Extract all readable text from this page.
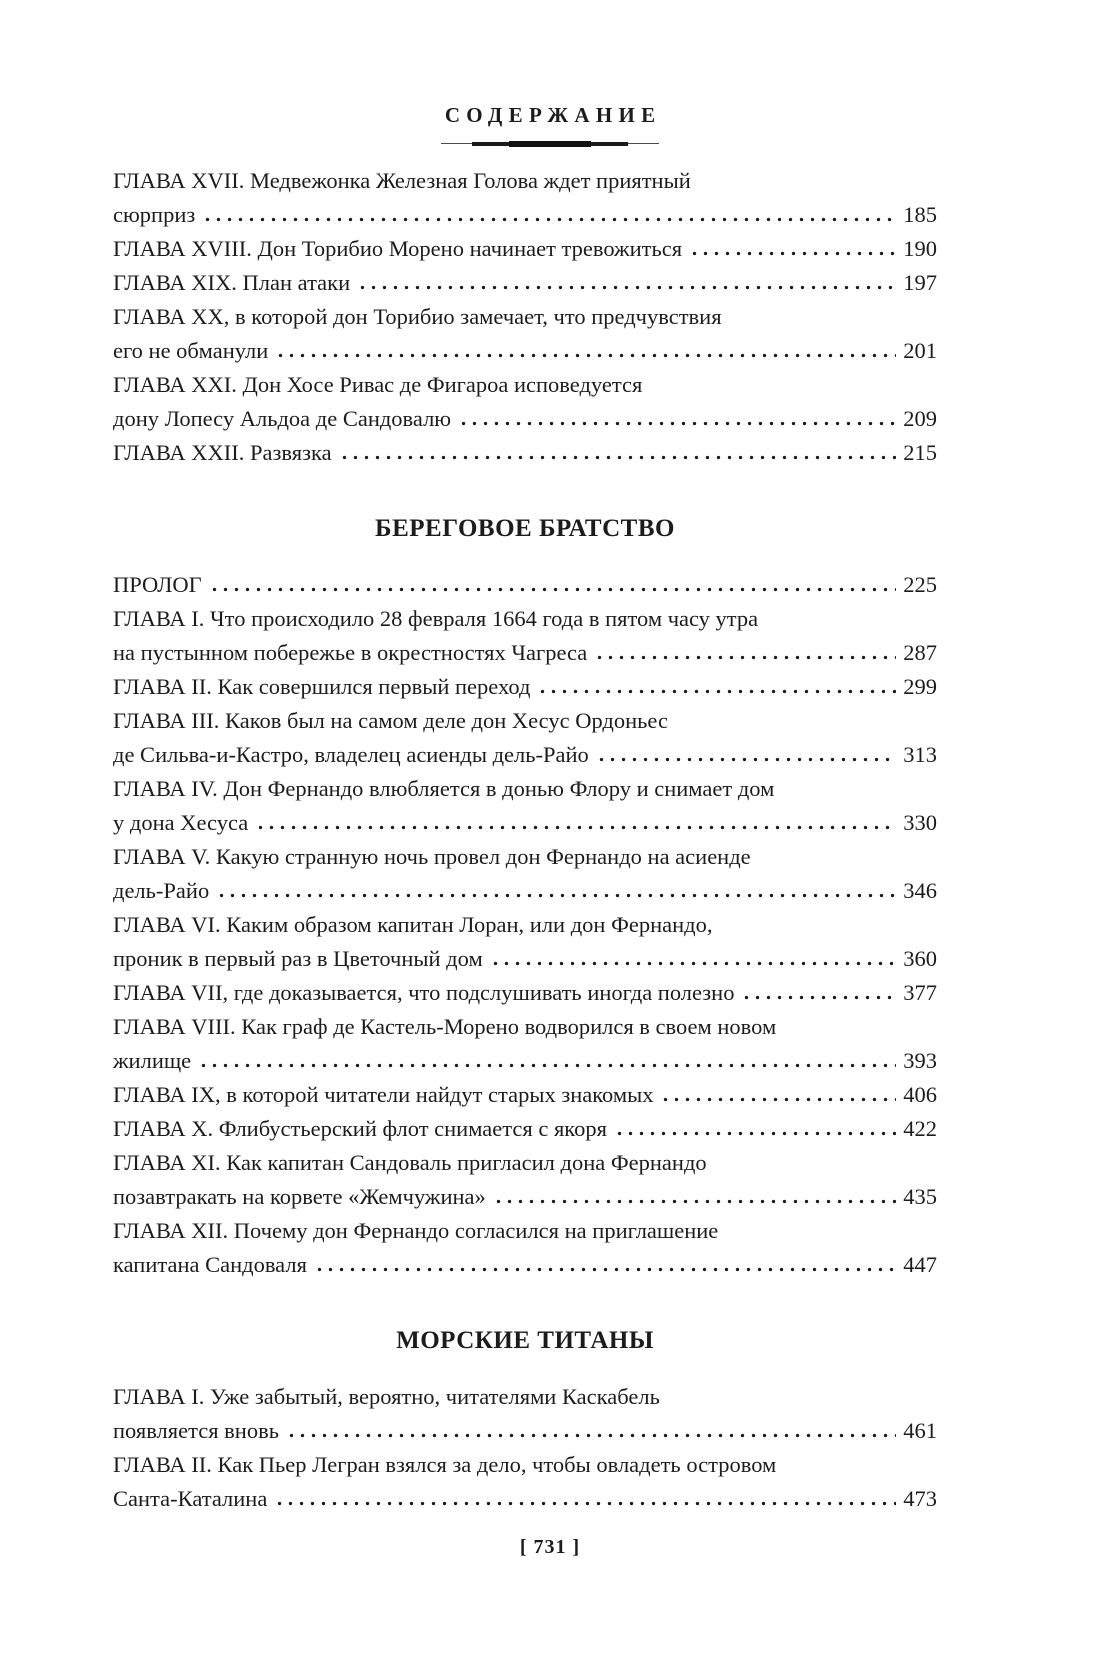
СОДЕРЖАНИЕ
ГЛАВА XVII. Медвежонка Железная Голова ждет приятный
сюрприз	185
ГЛАВА XVIII. Дон Торибио Морено начинает тревожиться	190
ГЛАВА XIX. План атаки	197
ГЛАВА XX, в которой дон Торибио замечает, что предчувствия
его не обманули	201
ГЛАВА XXI. Дон Хосе Ривас де Фигароа исповедуется
дону Лопесу Альдоа де Сандовалю	209
ГЛАВА XXII. Развязка	215
БЕРЕГОВОЕ БРАТСТВО
ПРОЛОГ	225
ГЛАВА I. Что происходило 28 февраля 1664 года в пятом часу утра
на пустынном побережье в окрестностях Чагреса	287
ГЛАВА II. Как совершился первый переход	299
ГЛАВА III. Каков был на самом деле дон Хесус Ордоньес
де Сильва-и-Кастро, владелец асиенды дель-Райо	313
ГЛАВА IV. Дон Фернандо влюбляется в донью Флору и снимает дом
у дона Хесуса	330
ГЛАВА V. Какую странную ночь провел дон Фернандо на асиенде
дель-Райо	346
ГЛАВА VI. Каким образом капитан Лоран, или дон Фернандо,
проник в первый раз в Цветочный дом	360
ГЛАВА VII, где доказывается, что подслушивать иногда полезно	377
ГЛАВА VIII. Как граф де Кастель-Морено водворился в своем новом
жилище	393
ГЛАВА IX, в которой читатели найдут старых знакомых	406
ГЛАВА X. Флибустьерский флот снимается с якоря	422
ГЛАВА XI. Как капитан Сандоваль пригласил дона Фернандо
позавтракать на корвете «Жемчужина»	435
ГЛАВА XII. Почему дон Фернандо согласился на приглашение
капитана Сандоваля	447
МОРСКИЕ ТИТАНЫ
ГЛАВА I. Уже забытый, вероятно, читателями Каскабель
появляется вновь	461
ГЛАВА II. Как Пьер Легран взялся за дело, чтобы овладеть островом
Санта-Каталина	473
[ 731 ]
